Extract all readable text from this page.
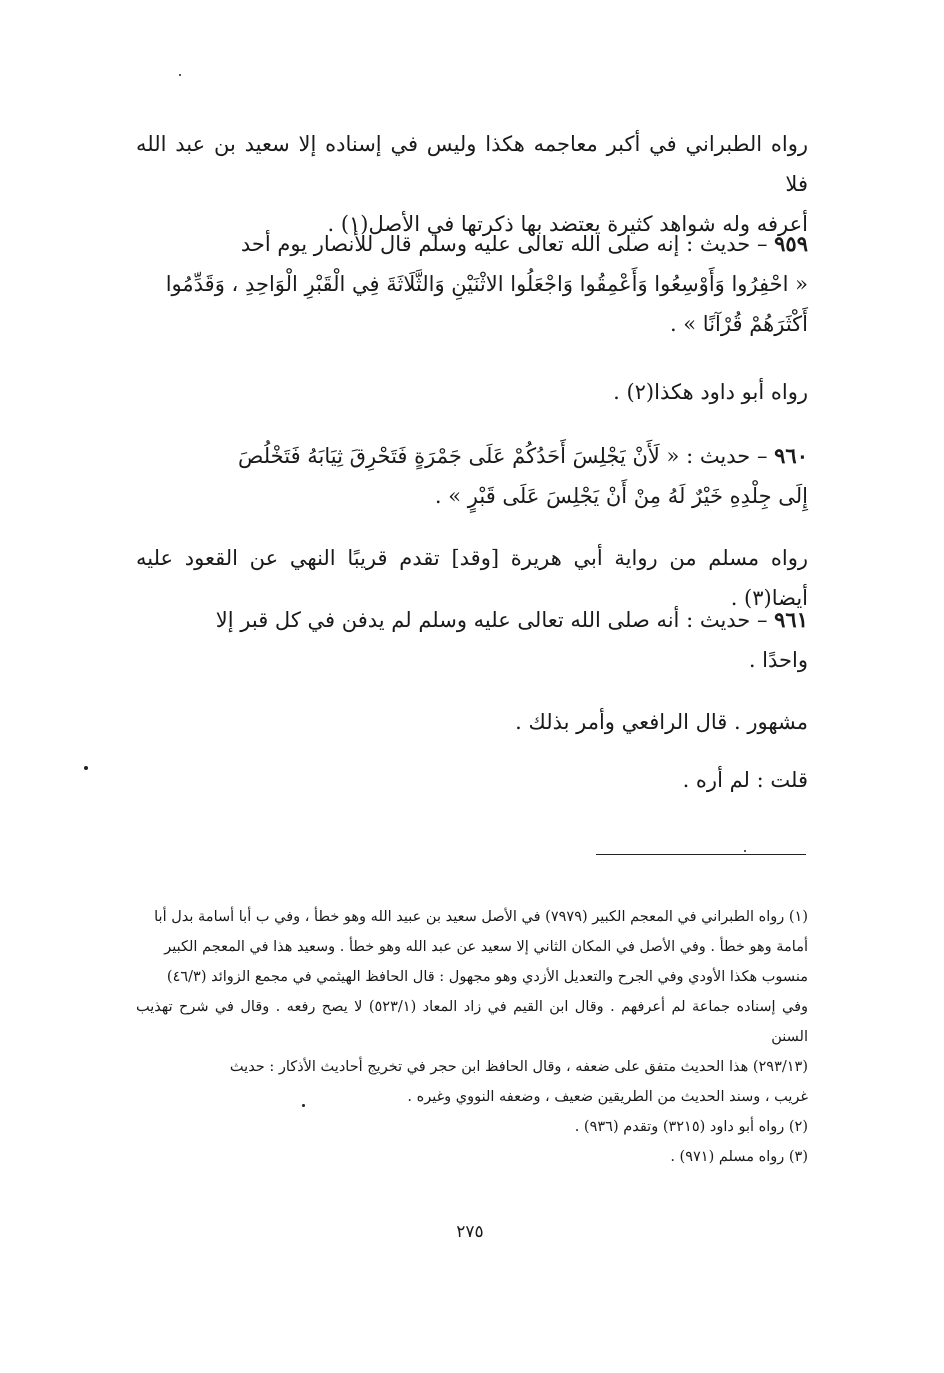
رواه الطبراني في أكبر معاجمه هكذا وليس في إسناده إلا سعيد بن عبد الله فلا
أعرفه وله شواهد كثيرة يعتضد بها ذكرتها في الأصل(١) .
٩٥٩ – حديث : إنه صلى الله تعالى عليه وسلم قال للأنصار يوم أحد
« احْفِرُوا وَأَوْسِعُوا وَأَعْمِقُوا وَاجْعَلُوا الاثْنَيْنِ وَالثَّلَاثَةَ فِي الْقَبْرِ الْوَاحِدِ ، وَقَدِّمُوا
أَكْثَرَهُمْ قُرْآنًا » .
رواه أبو داود هكذا(٢) .
٩٦٠ – حديث : « لَأَنْ يَجْلِسَ أَحَدُكُمْ عَلَى جَمْرَةٍ فَتَحْرِقَ ثِيَابَهُ فَتَخْلُصَ
إِلَى جِلْدِهِ خَيْرٌ لَهُ مِنْ أَنْ يَجْلِسَ عَلَى قَبْرٍ » .
رواه مسلم من رواية أبي هريرة [وقد] تقدم قريبًا النهي عن القعود عليه أيضا(٣) .
٩٦١ – حديث : أنه صلى الله تعالى عليه وسلم لم يدفن في كل قبر إلا
واحدًا .
مشهور . قال الرافعي وأمر بذلك .
قلت : لم أره .
(١) رواه الطبراني في المعجم الكبير (٧٩٧٩) في الأصل سعيد بن عبيد الله وهو خطأ ، وفي ب أبا أسامة بدل أبا
أمامة وهو خطأ . وفي الأصل في المكان الثاني إلا سعيد عن عبد الله وهو خطأ . وسعيد هذا في المعجم الكبير
منسوب هكذا الأودي وفي الجرح والتعديل الأزدي وهو مجهول : قال الحافظ الهيثمي في مجمع الزوائد (٤٦/٣)
وفي إسناده جماعة لم أعرفهم . وقال ابن القيم في زاد المعاد (٥٢٣/١) لا يصح رفعه . وقال في شرح تهذيب السنن
(٢٩٣/١٣) هذا الحديث متفق على ضعفه ، وقال الحافظ ابن حجر في تخريج أحاديث الأذكار : حديث
غريب ، وسند الحديث من الطريقين ضعيف ، وضعفه النووي وغيره .
(٢) رواه أبو داود (٣٢١٥) وتقدم (٩٣٦) .
(٣) رواه مسلم (٩٧١) .
٢٧٥
